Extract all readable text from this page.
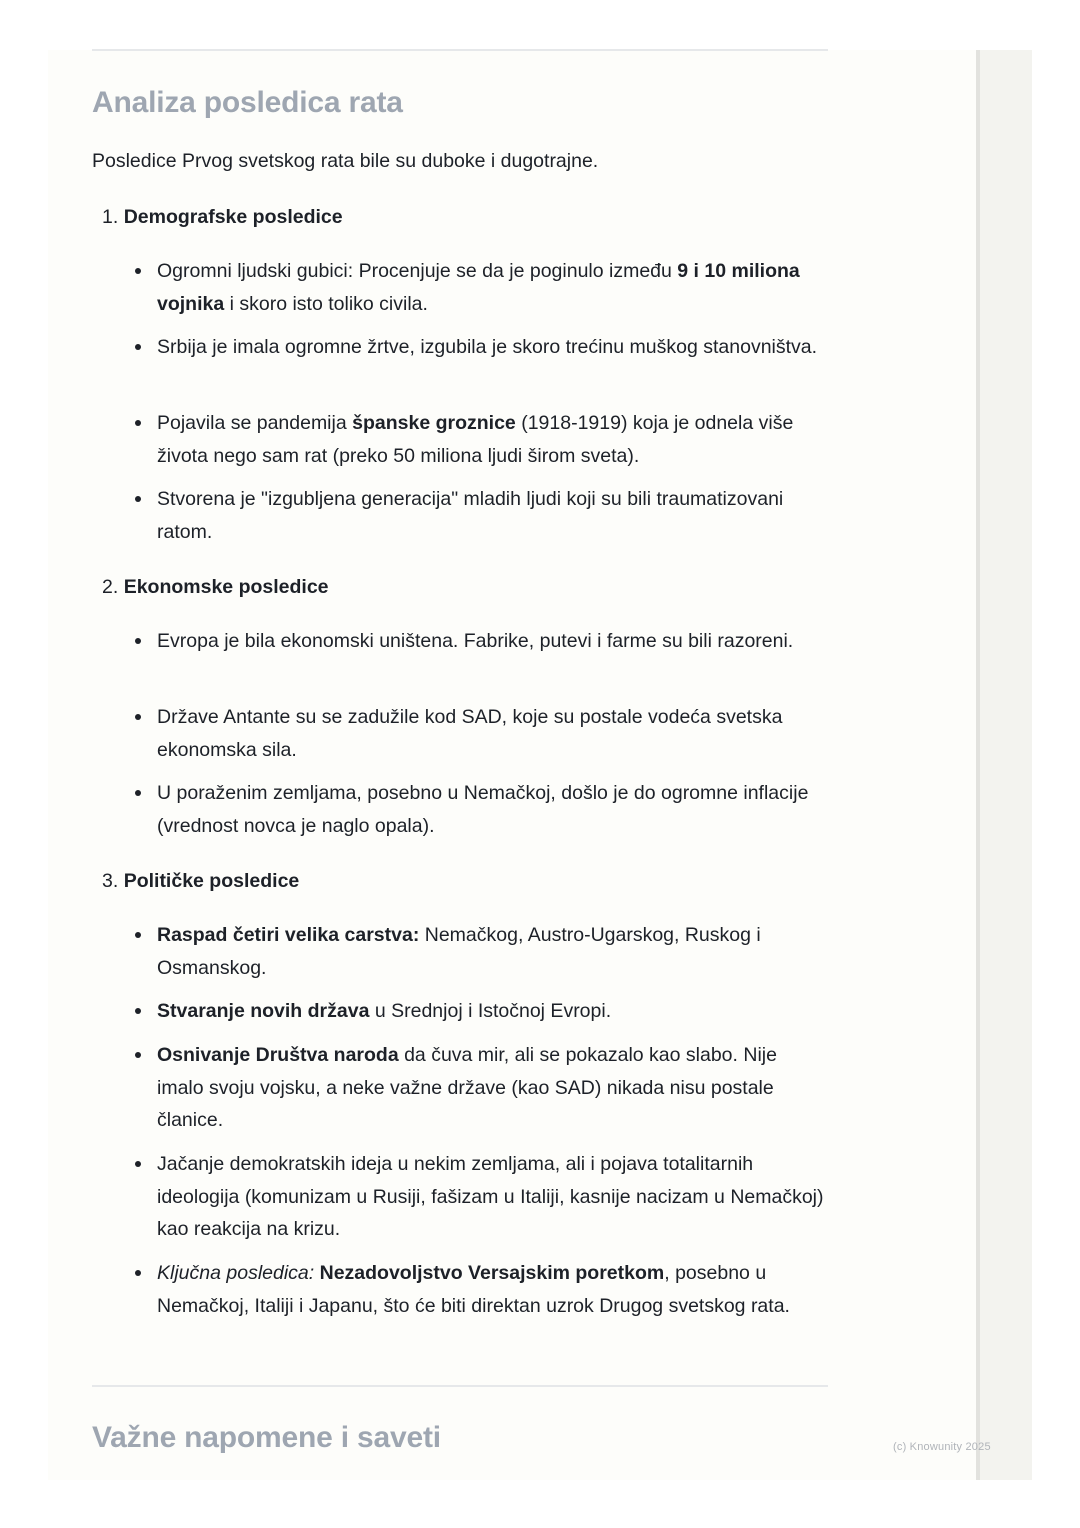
Analiza posledica rata

Posledice Prvog svetskog rata bile su duboke i dugotrajne.

1. Demografske posledice

Ogromni ljudski gubici: Procenjuje se da je poginulo između 9 i 10 miliona vojnika i skoro isto toliko civila.

Srbija je imala ogromne žrtve, izgubila je skoro trećinu muškog stanovništva.

Pojavila se pandemija španske groznice (1918-1919) koja je odnela više života nego sam rat (preko 50 miliona ljudi širom sveta).

Stvorena je "izgubljena generacija" mladih ljudi koji su bili traumatizovani ratom.

2. Ekonomske posledice

Evropa je bila ekonomski uništena. Fabrike, putevi i farme su bili razoreni.

Države Antante su se zadužile kod SAD, koje su postale vodeća svetska ekonomska sila.

U poraženim zemljama, posebno u Nemačkoj, došlo je do ogromne inflacije (vrednost novca je naglo opala).

3. Političke posledice

Raspad četiri velika carstva: Nemačkog, Austro-Ugarskog, Ruskog i Osmanskog.

Stvaranje novih država u Srednjoj i Istočnoj Evropi.

Osnivanje Društva naroda da čuva mir, ali se pokazalo kao slabo. Nije imalo svoju vojsku, a neke važne države (kao SAD) nikada nisu postale članice.

Jačanje demokratskih ideja u nekim zemljama, ali i pojava totalitarnih ideologija (komunizam u Rusiji, fašizam u Italiji, kasnije nacizam u Nemačkoj) kao reakcija na krizu.

Ključna posledica: Nezadovoljstvo Versajskim poretkom, posebno u Nemačkoj, Italiji i Japanu, što će biti direktan uzrok Drugog svetskog rata.

Važne napomene i saveti	(c) Knowunity 2025
